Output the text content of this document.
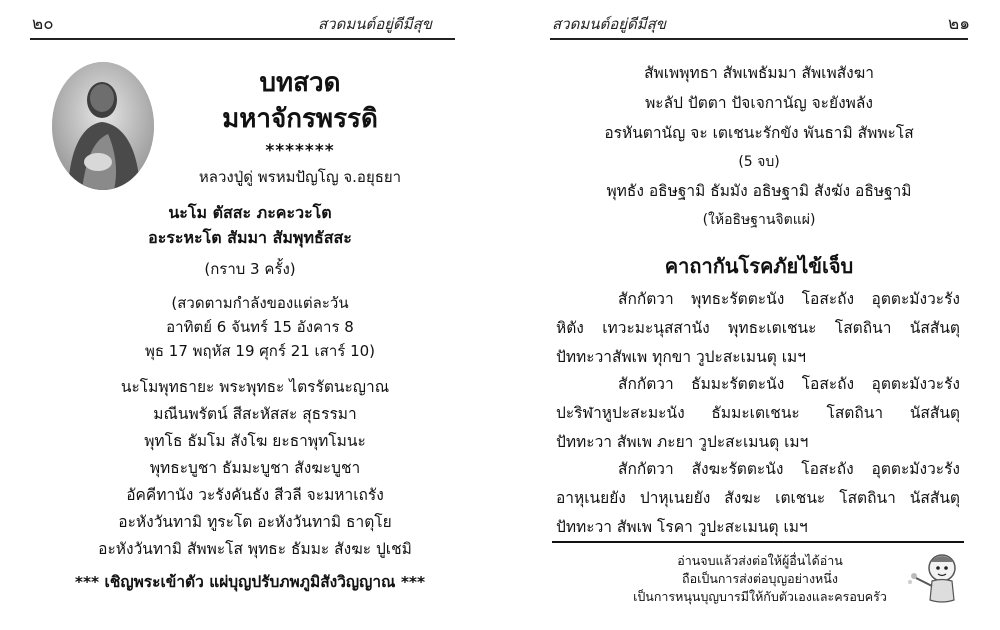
๒๐	สวดมนต์อยู่ดีมีสุข
บทสวด
มหาจักรพรรดิ
*******
หลวงปู่ดู่ พรหมปัญโญ จ.อยุธยา
นะโม ตัสสะ ภะคะวะโต
อะระหะโต สัมมา สัมพุทธัสสะ
(กราบ 3 ครั้ง)
(สวดตามกำลังของแต่ละวัน
อาทิตย์ 6 จันทร์ 15 อังคาร 8
พุธ 17 พฤหัส 19 ศุกร์ 21 เสาร์ 10)
นะโมพุทธายะ พระพุทธะ ไตรรัตนะญาณ
มณีนพรัตน์ สีสะหัสสะ สุธรรมา
พุทโธ ธัมโม สังโฆ ยะธาพุทโมนะ
พุทธะบูชา ธัมมะบูชา สังฆะบูชา
อัคคีทานัง วะรังคันธัง สีวลี จะมหาเถรัง
อะหังวันทามิ ทูระโต อะหังวันทามิ ธาตุโย
อะหังวันทามิ สัพพะโส พุทธะ ธัมมะ สังฆะ ปูเชมิ
*** เชิญพระเข้าตัว แผ่บุญปรับภพภูมิสังวิญญาณ ***
สวดมนต์อยู่ดีมีสุข	๒๑
สัพเพพุทธา สัพเพธัมมา สัพเพสังฆา
พะลัป ปัตตา ปัจเจกานัญ จะยังพลัง
อรหันตานัญ จะ เตเชนะรักขัง พันธามิ สัพพะโส
(5 จบ)
พุทธัง อธิษฐามิ ธัมมัง อธิษฐามิ สังฆัง อธิษฐามิ
(ให้อธิษฐานจิตแผ่)
คาถากันโรคภัยไข้เจ็บ
สักกัตวา พุทธะรัตตะนัง โอสะถัง อุตตะมังวะรัง
หิตัง เทวะมะนุสสานัง พุทธะเตเชนะ โสตถินา นัสสันตุ
ปัททะวาสัพเพ ทุกขา วูปะสะเมนตุ เมฯ
สักกัตวา ธัมมะรัตตะนัง โอสะถัง อุตตะมังวะรัง
ปะริฬาหูปะสะมะนัง ธัมมะเตเชนะ โสตถินา นัสสันตุ
ปัททะวา สัพเพ ภะยา วูปะสะเมนตุ เมฯ
สักกัตวา สังฆะรัตตะนัง โอสะถัง อุตตะมังวะรัง
อาหุเนยยัง ปาหุเนยยัง สังฆะ เตเชนะ โสตถินา นัสสันตุ
ปัททะวา สัพเพ โรคา วูปะสะเมนตุ เมฯ
อ่านจบแล้วส่งต่อให้ผู้อื่นได้อ่าน
ถือเป็นการส่งต่อบุญอย่างหนึ่ง
เป็นการหนุนบุญบารมีให้กับตัวเองและครอบครัว
